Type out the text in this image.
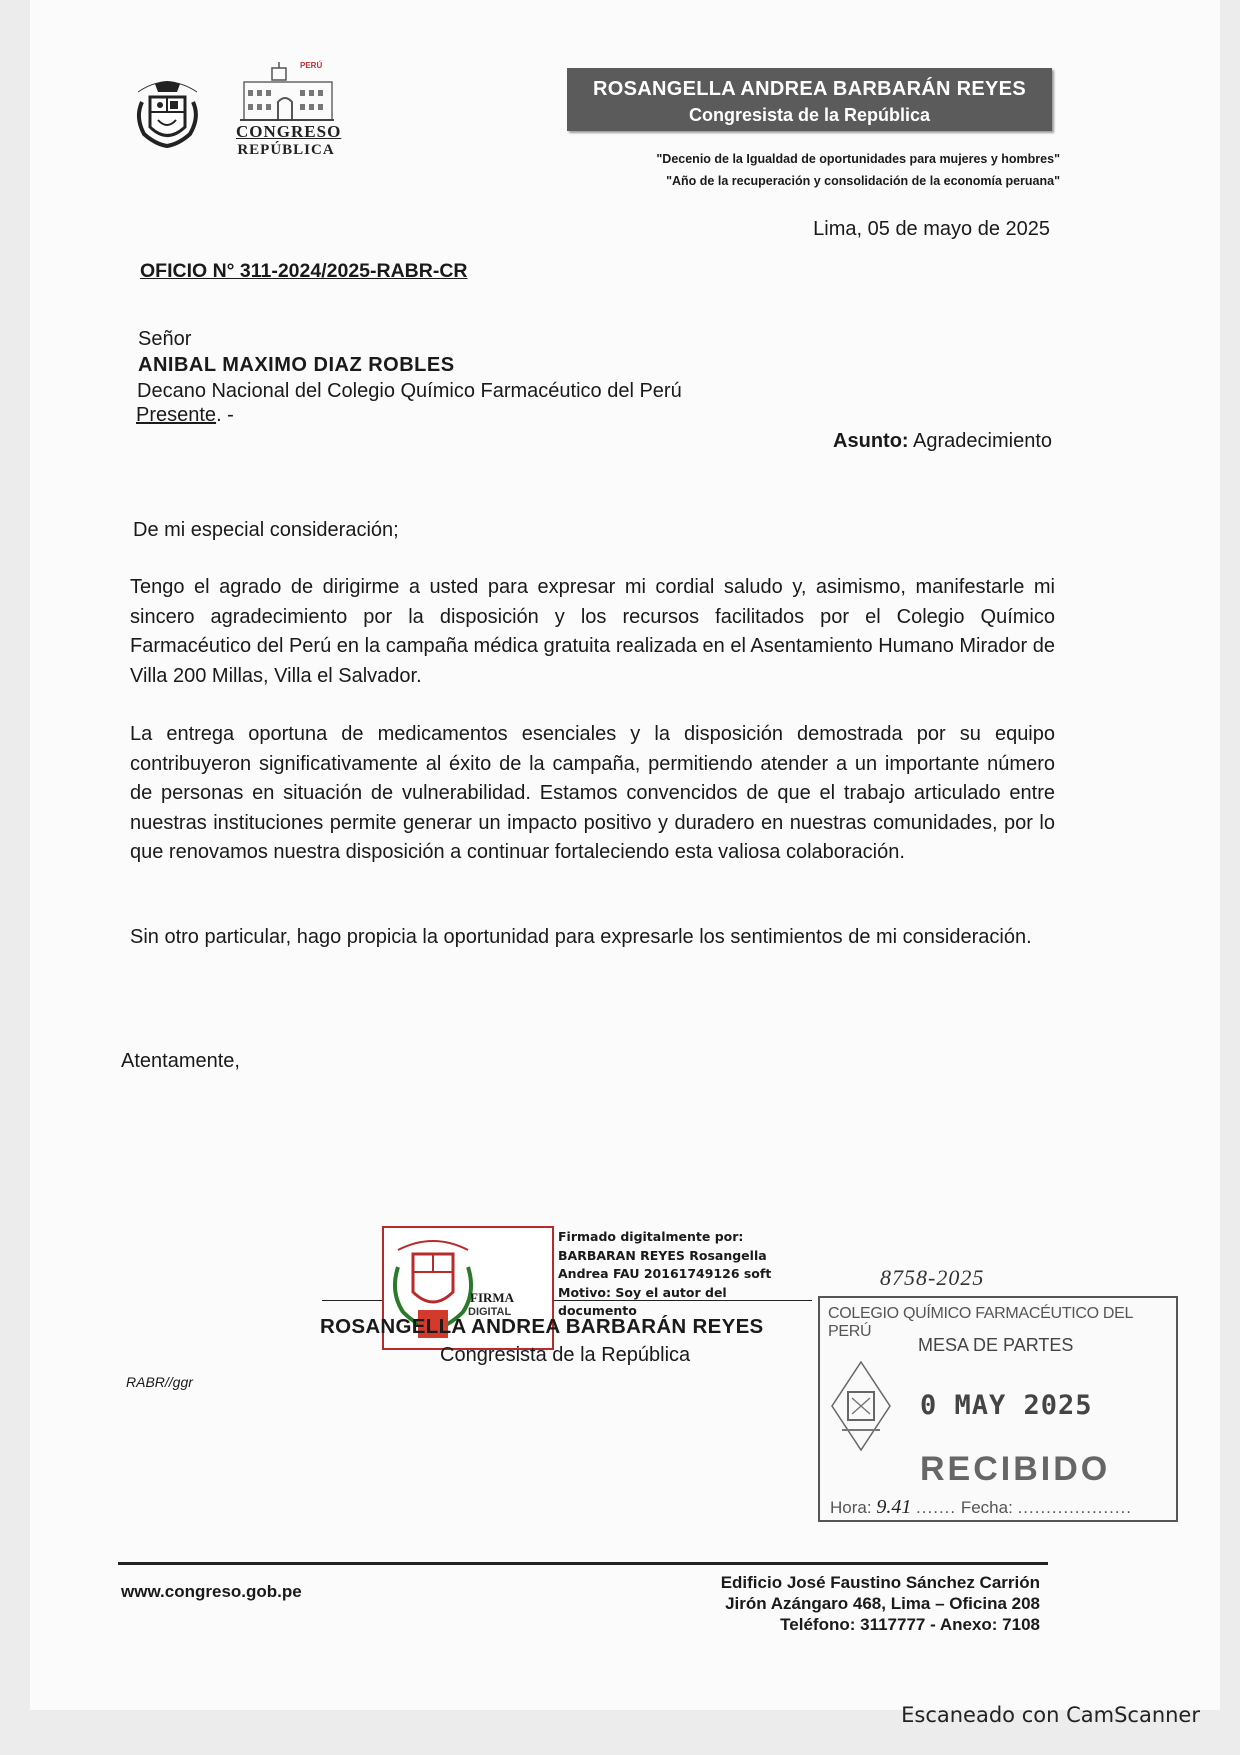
PERÚ
CONGRESO
REPÚBLICA
ROSANGELLA ANDREA BARBARÁN REYES
Congresista de la República
"Decenio de la Igualdad de oportunidades para mujeres y hombres"
"Año de la recuperación y consolidación de la economía peruana"
Lima, 05 de mayo de 2025
OFICIO N° 311-2024/2025-RABR-CR
Señor
ANIBAL MAXIMO DIAZ ROBLES
Decano Nacional del Colegio Químico Farmacéutico del Perú
Presente. -
Asunto: Agradecimiento
De mi especial consideración;
Tengo el agrado de dirigirme a usted para expresar mi cordial saludo y, asimismo, manifestarle mi sincero agradecimiento por la disposición y los recursos facilitados por el Colegio Químico Farmacéutico del Perú en la campaña médica gratuita realizada en el Asentamiento Humano Mirador de Villa 200 Millas, Villa el Salvador.
La entrega oportuna de medicamentos esenciales y la disposición demostrada por su equipo contribuyeron significativamente al éxito de la campaña, permitiendo atender a un importante número de personas en situación de vulnerabilidad. Estamos convencidos de que el trabajo articulado entre nuestras instituciones permite generar un impacto positivo y duradero en nuestras comunidades, por lo que renovamos nuestra disposición a continuar fortaleciendo esta valiosa colaboración.
Sin otro particular, hago propicia la oportunidad para expresarle los sentimientos de mi consideración.
Atentamente,
FIRMA
DIGITAL
Firmado digitalmente por:
BARBARAN REYES Rosangella
Andrea FAU 20161749126 soft
Motivo: Soy el autor del
documento
ROSANGELLA ANDREA BARBARÁN REYES
Congresista de la República
RABR//ggr
8758-2025
COLEGIO QUÍMICO FARMACÉUTICO DEL PERÚ
MESA DE PARTES
0 MAY 2025
RECIBIDO
Hora: 9.41 ....... Fecha: ....................
www.congreso.gob.pe	Edificio José Faustino Sánchez Carrión
Jirón Azángaro 468, Lima – Oficina 208
Teléfono: 3117777 - Anexo: 7108
Escaneado con CamScanner
